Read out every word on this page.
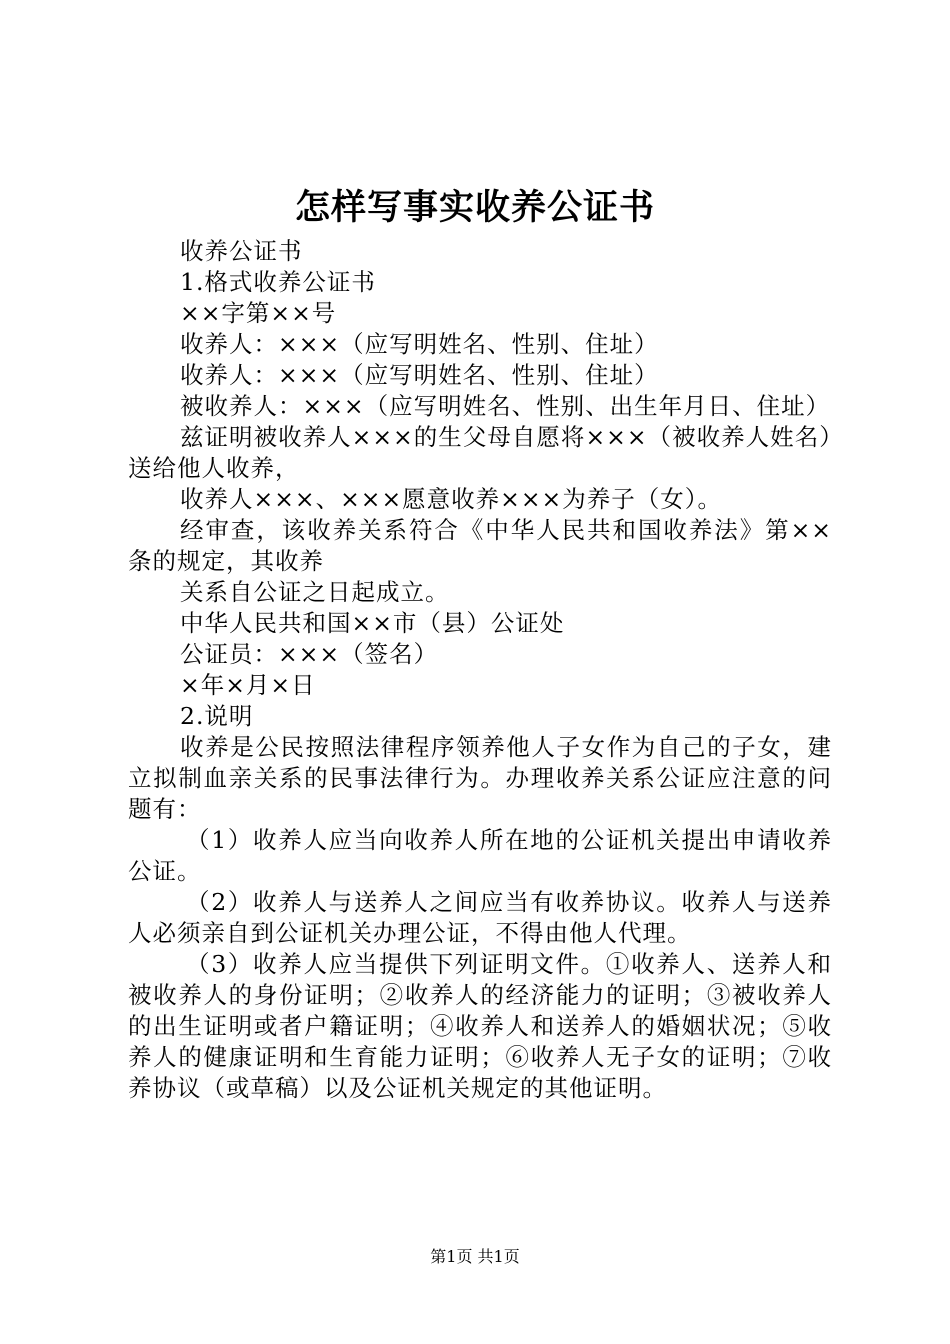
怎样写事实收养公证书

收养公证书

1.格式收养公证书

××字第××号

收养人：×××（应写明姓名、性别、住址）

收养人：×××（应写明姓名、性别、住址）

被收养人：×××（应写明姓名、性别、出生年月日、住址）

兹证明被收养人×××的生父母自愿将×××（被收养人姓名）送给他人收养，

收养人×××、×××愿意收养×××为养子（女）。

经审查，该收养关系符合《中华人民共和国收养法》第××条的规定，其收养

关系自公证之日起成立。

中华人民共和国××市（县）公证处

公证员：×××（签名）

×年×月×日

2.说明

收养是公民按照法律程序领养他人子女作为自己的子女，建立拟制血亲关系的民事法律行为。办理收养关系公证应注意的问题有：

（1）收养人应当向收养人所在地的公证机关提出申请收养公证。

（2）收养人与送养人之间应当有收养协议。收养人与送养人必须亲自到公证机关办理公证，不得由他人代理。

（3）收养人应当提供下列证明文件。①收养人、送养人和被收养人的身份证明；②收养人的经济能力的证明；③被收养人的出生证明或者户籍证明；④收养人和送养人的婚姻状况；⑤收养人的健康证明和生育能力证明；⑥收养人无子女的证明；⑦收养协议（或草稿）以及公证机关规定的其他证明。

第1页 共1页
